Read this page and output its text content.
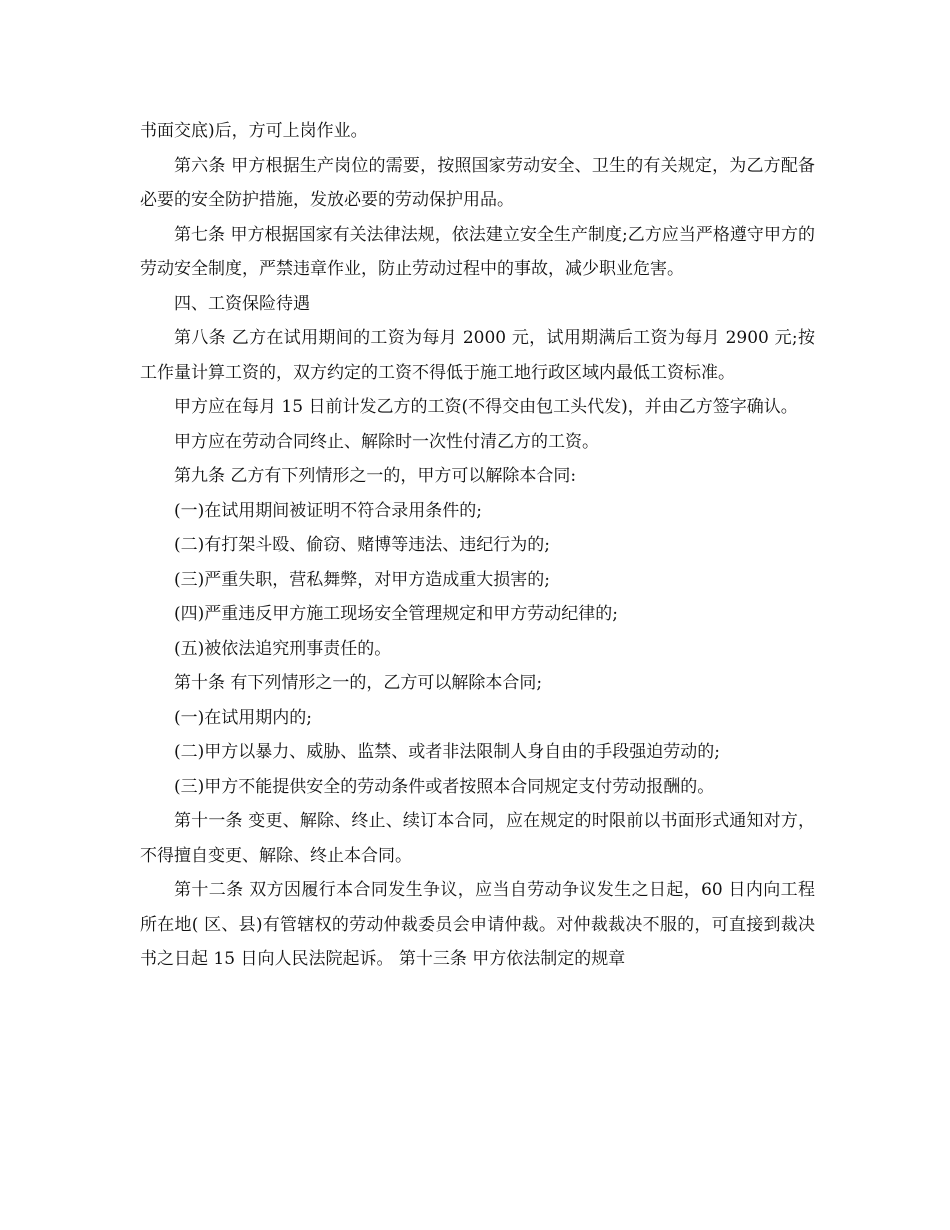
书面交底)后，方可上岗作业。

第六条 甲方根据生产岗位的需要，按照国家劳动安全、卫生的有关规定，为乙方配备必要的安全防护措施，发放必要的劳动保护用品。

第七条 甲方根据国家有关法律法规，依法建立安全生产制度;乙方应当严格遵守甲方的劳动安全制度，严禁违章作业，防止劳动过程中的事故，减少职业危害。

四、工资保险待遇

第八条 乙方在试用期间的工资为每月 2000 元，试用期满后工资为每月 2900 元;按工作量计算工资的，双方约定的工资不得低于施工地行政区域内最低工资标准。

甲方应在每月 15 日前计发乙方的工资(不得交由包工头代发)，并由乙方签字确认。

甲方应在劳动合同终止、解除时一次性付清乙方的工资。

第九条 乙方有下列情形之一的，甲方可以解除本合同:

(一)在试用期间被证明不符合录用条件的;

(二)有打架斗殴、偷窃、赌博等违法、违纪行为的;

(三)严重失职，营私舞弊，对甲方造成重大损害的;

(四)严重违反甲方施工现场安全管理规定和甲方劳动纪律的;

(五)被依法追究刑事责任的。

第十条 有下列情形之一的，乙方可以解除本合同;

(一)在试用期内的;

(二)甲方以暴力、威胁、监禁、或者非法限制人身自由的手段强迫劳动的;

(三)甲方不能提供安全的劳动条件或者按照本合同规定支付劳动报酬的。

第十一条 变更、解除、终止、续订本合同，应在规定的时限前以书面形式通知对方，不得擅自变更、解除、终止本合同。

第十二条 双方因履行本合同发生争议，应当自劳动争议发生之日起，60 日内向工程所在地( 区、县)有管辖权的劳动仲裁委员会申请仲裁。对仲裁裁决不服的，可直接到裁决书之日起 15 日向人民法院起诉。 第十三条 甲方依法制定的规章
